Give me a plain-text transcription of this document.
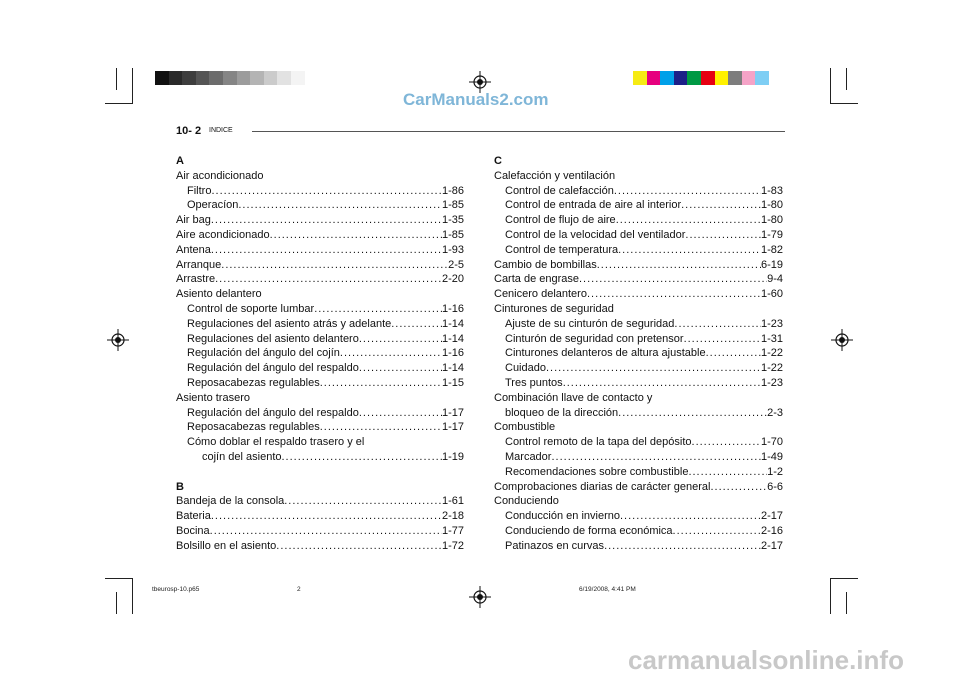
CarManuals2.com
carmanualsonline.info
10- 2 INDICE
A
Air acondicionado
Filtro .....	1-86
Operacíon .....	1-85
Air bag .....	1-35
Aire acondicionado .....	1-85
Antena .....	1-93
Arranque .....	2-5
Arrastre .....	2-20
Asiento delantero
Control de soporte lumbar .....	1-16
Regulaciones del asiento atrás y adelante .....	1-14
Regulaciones del asiento delantero .....	1-14
Regulación del ángulo del cojín .....	1-16
Regulación del ángulo del respaldo .....	1-14
Reposacabezas regulables .....	1-15
Asiento trasero
Regulación del ángulo del respaldo .....	1-17
Reposacabezas regulables .....	1-17
Cómo doblar el respaldo trasero y el
cojín del asiento .....	1-19
B
Bandeja de la consola .....	1-61
Bateria .....	2-18
Bocina .....	1-77
Bolsillo en el asiento .....	1-72
C
Calefacción y ventilación
Control de calefacción .....	1-83
Control de entrada de aire al interior .....	1-80
Control de flujo de aire .....	1-80
Control de la velocidad del ventilador .....	1-79
Control de temperatura .....	1-82
Cambio de bombillas .....	6-19
Carta de engrase .....	9-4
Cenicero delantero .....	1-60
Cinturones de seguridad
Ajuste de su cinturón de seguridad .....	1-23
Cinturón de seguridad con pretensor .....	1-31
Cinturones delanteros de altura ajustable .....	1-22
Cuidado .....	1-22
Tres puntos .....	1-23
Combinación llave de contacto y
bloqueo de la dirección .....	2-3
Combustible
Control remoto de la tapa del depósito .....	1-70
Marcador .....	1-49
Recomendaciones sobre combustible .....	1-2
Comprobaciones diarias de carácter general .....	6-6
Conduciendo
Conducción en invierno .....	2-17
Conduciendo de forma económica .....	2-16
Patinazos en curvas .....	2-17
tbeurosp-10.p65	2	6/19/2008, 4:41 PM
